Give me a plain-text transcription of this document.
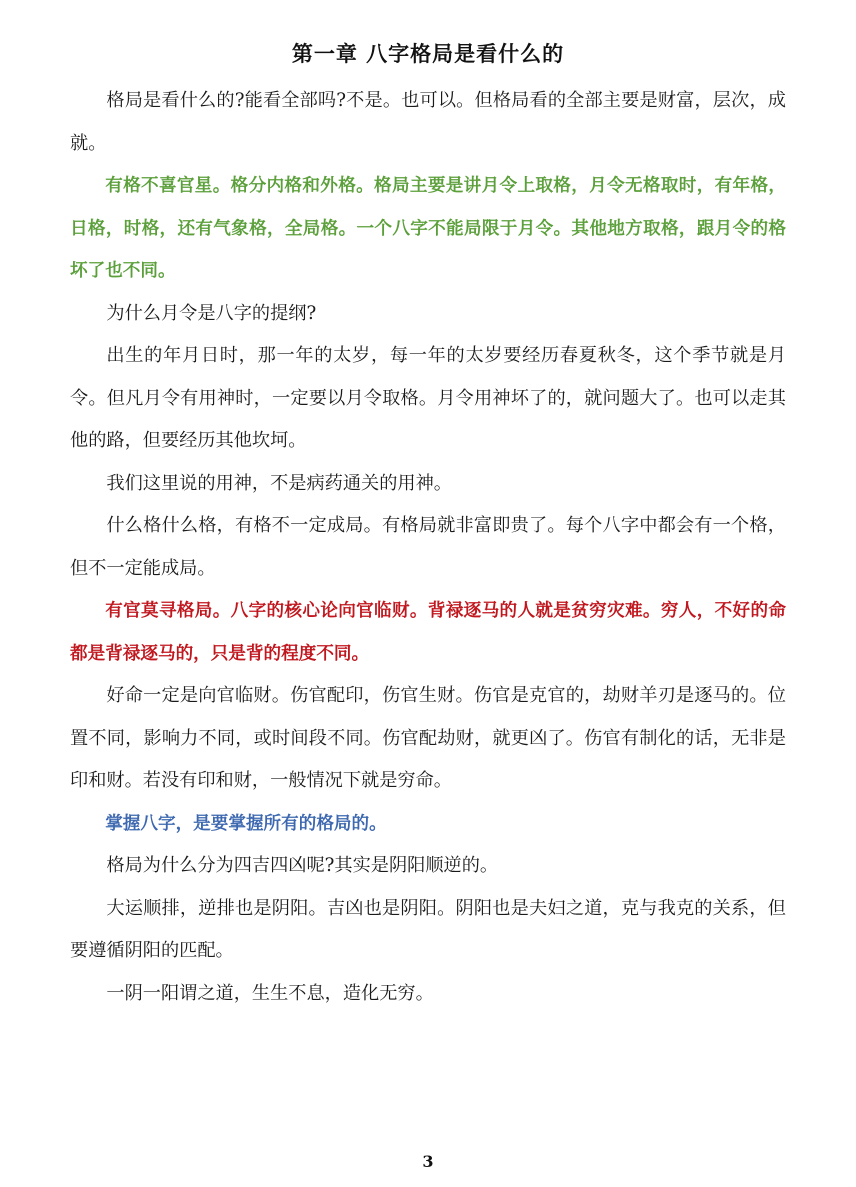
第一章 八字格局是看什么的

格局是看什么的?能看全部吗?不是。也可以。但格局看的全部主要是财富，层次，成就。

有格不喜官星。格分内格和外格。格局主要是讲月令上取格，月令无格取时，有年格，日格，时格，还有气象格，全局格。一个八字不能局限于月令。其他地方取格，跟月令的格坏了也不同。

为什么月令是八字的提纲?

出生的年月日时，那一年的太岁，每一年的太岁要经历春夏秋冬，这个季节就是月令。但凡月令有用神时，一定要以月令取格。月令用神坏了的，就问题大了。也可以走其他的路，但要经历其他坎坷。

我们这里说的用神，不是病药通关的用神。

什么格什么格，有格不一定成局。有格局就非富即贵了。每个八字中都会有一个格，但不一定能成局。

有官莫寻格局。八字的核心论向官临财。背禄逐马的人就是贫穷灾难。穷人，不好的命都是背禄逐马的，只是背的程度不同。

好命一定是向官临财。伤官配印，伤官生财。伤官是克官的，劫财羊刃是逐马的。位置不同，影响力不同，或时间段不同。伤官配劫财，就更凶了。伤官有制化的话，无非是印和财。若没有印和财，一般情况下就是穷命。

掌握八字，是要掌握所有的格局的。

格局为什么分为四吉四凶呢?其实是阴阳顺逆的。

大运顺排，逆排也是阴阳。吉凶也是阴阳。阴阳也是夫妇之道，克与我克的关系，但要遵循阴阳的匹配。

一阴一阳谓之道，生生不息，造化无穷。

3
